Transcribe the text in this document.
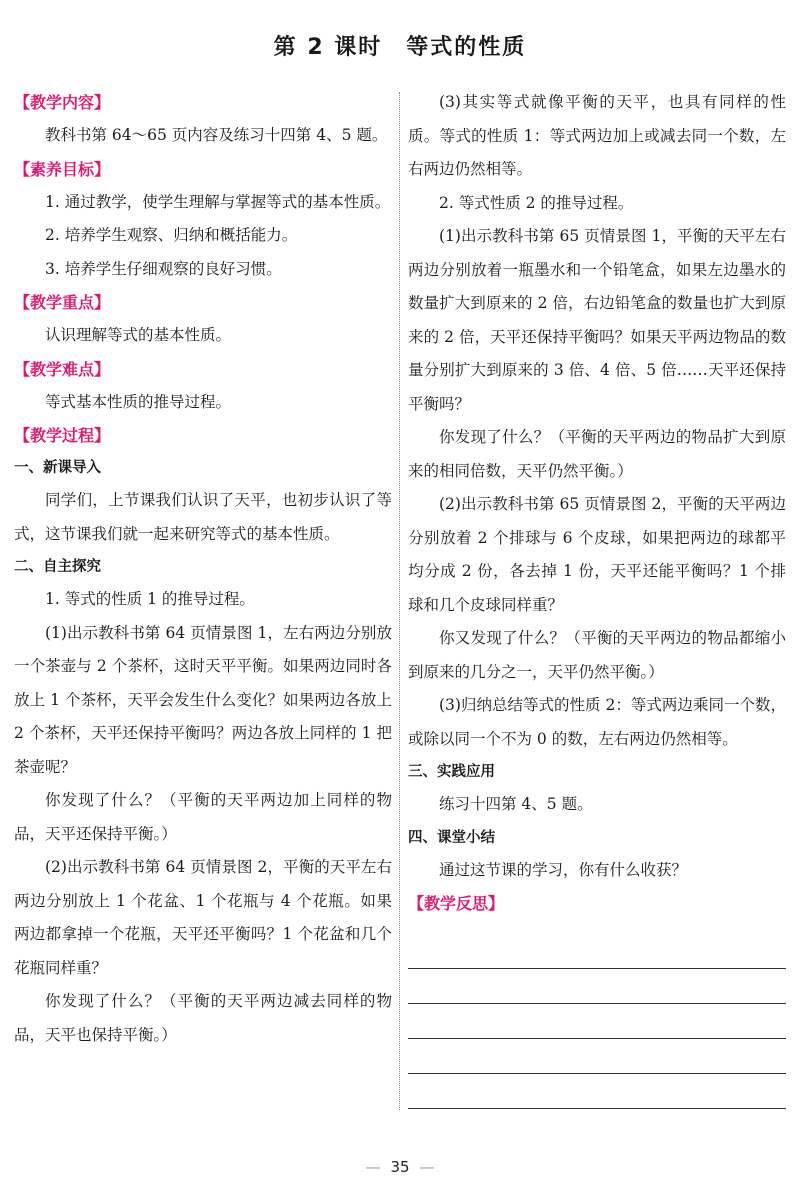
第 2 课时　等式的性质
【教学内容】

教科书第 64～65 页内容及练习十四第 4、5 题。

【素养目标】

1. 通过教学，使学生理解与掌握等式的基本性质。

2. 培养学生观察、归纳和概括能力。

3. 培养学生仔细观察的良好习惯。

【教学重点】

认识理解等式的基本性质。

【教学难点】

等式基本性质的推导过程。

【教学过程】
一、新课导入

同学们，上节课我们认识了天平，也初步认识了等式，这节课我们就一起来研究等式的基本性质。

二、自主探究

1. 等式的性质 1 的推导过程。

(1)出示教科书第 64 页情景图 1，左右两边分别放一个茶壶与 2 个茶杯，这时天平平衡。如果两边同时各放上 1 个茶杯，天平会发生什么变化？如果两边各放上 2 个茶杯，天平还保持平衡吗？两边各放上同样的 1 把茶壶呢？

你发现了什么？（平衡的天平两边加上同样的物品，天平还保持平衡。）

(2)出示教科书第 64 页情景图 2，平衡的天平左右两边分别放上 1 个花盆、1 个花瓶与 4 个花瓶。如果两边都拿掉一个花瓶，天平还平衡吗？1 个花盆和几个花瓶同样重？

你发现了什么？（平衡的天平两边减去同样的物品，天平也保持平衡。）

(3)其实等式就像平衡的天平，也具有同样的性质。等式的性质 1：等式两边加上或减去同一个数，左右两边仍然相等。

2. 等式性质 2 的推导过程。

(1)出示教科书第 65 页情景图 1，平衡的天平左右两边分别放着一瓶墨水和一个铅笔盒，如果左边墨水的数量扩大到原来的 2 倍，右边铅笔盒的数量也扩大到原来的 2 倍，天平还保持平衡吗？如果天平两边物品的数量分别扩大到原来的 3 倍、4 倍、5 倍……天平还保持平衡吗？

你发现了什么？（平衡的天平两边的物品扩大到原来的相同倍数，天平仍然平衡。）

(2)出示教科书第 65 页情景图 2，平衡的天平两边分别放着 2 个排球与 6 个皮球，如果把两边的球都平均分成 2 份，各去掉 1 份，天平还能平衡吗？1 个排球和几个皮球同样重？

你又发现了什么？（平衡的天平两边的物品都缩小到原来的几分之一，天平仍然平衡。）

(3)归纳总结等式的性质 2：等式两边乘同一个数，或除以同一个不为 0 的数，左右两边仍然相等。

三、实践应用

练习十四第 4、5 题。

四、课堂小结

通过这节课的学习，你有什么收获？

【教学反思】
— 35 —
